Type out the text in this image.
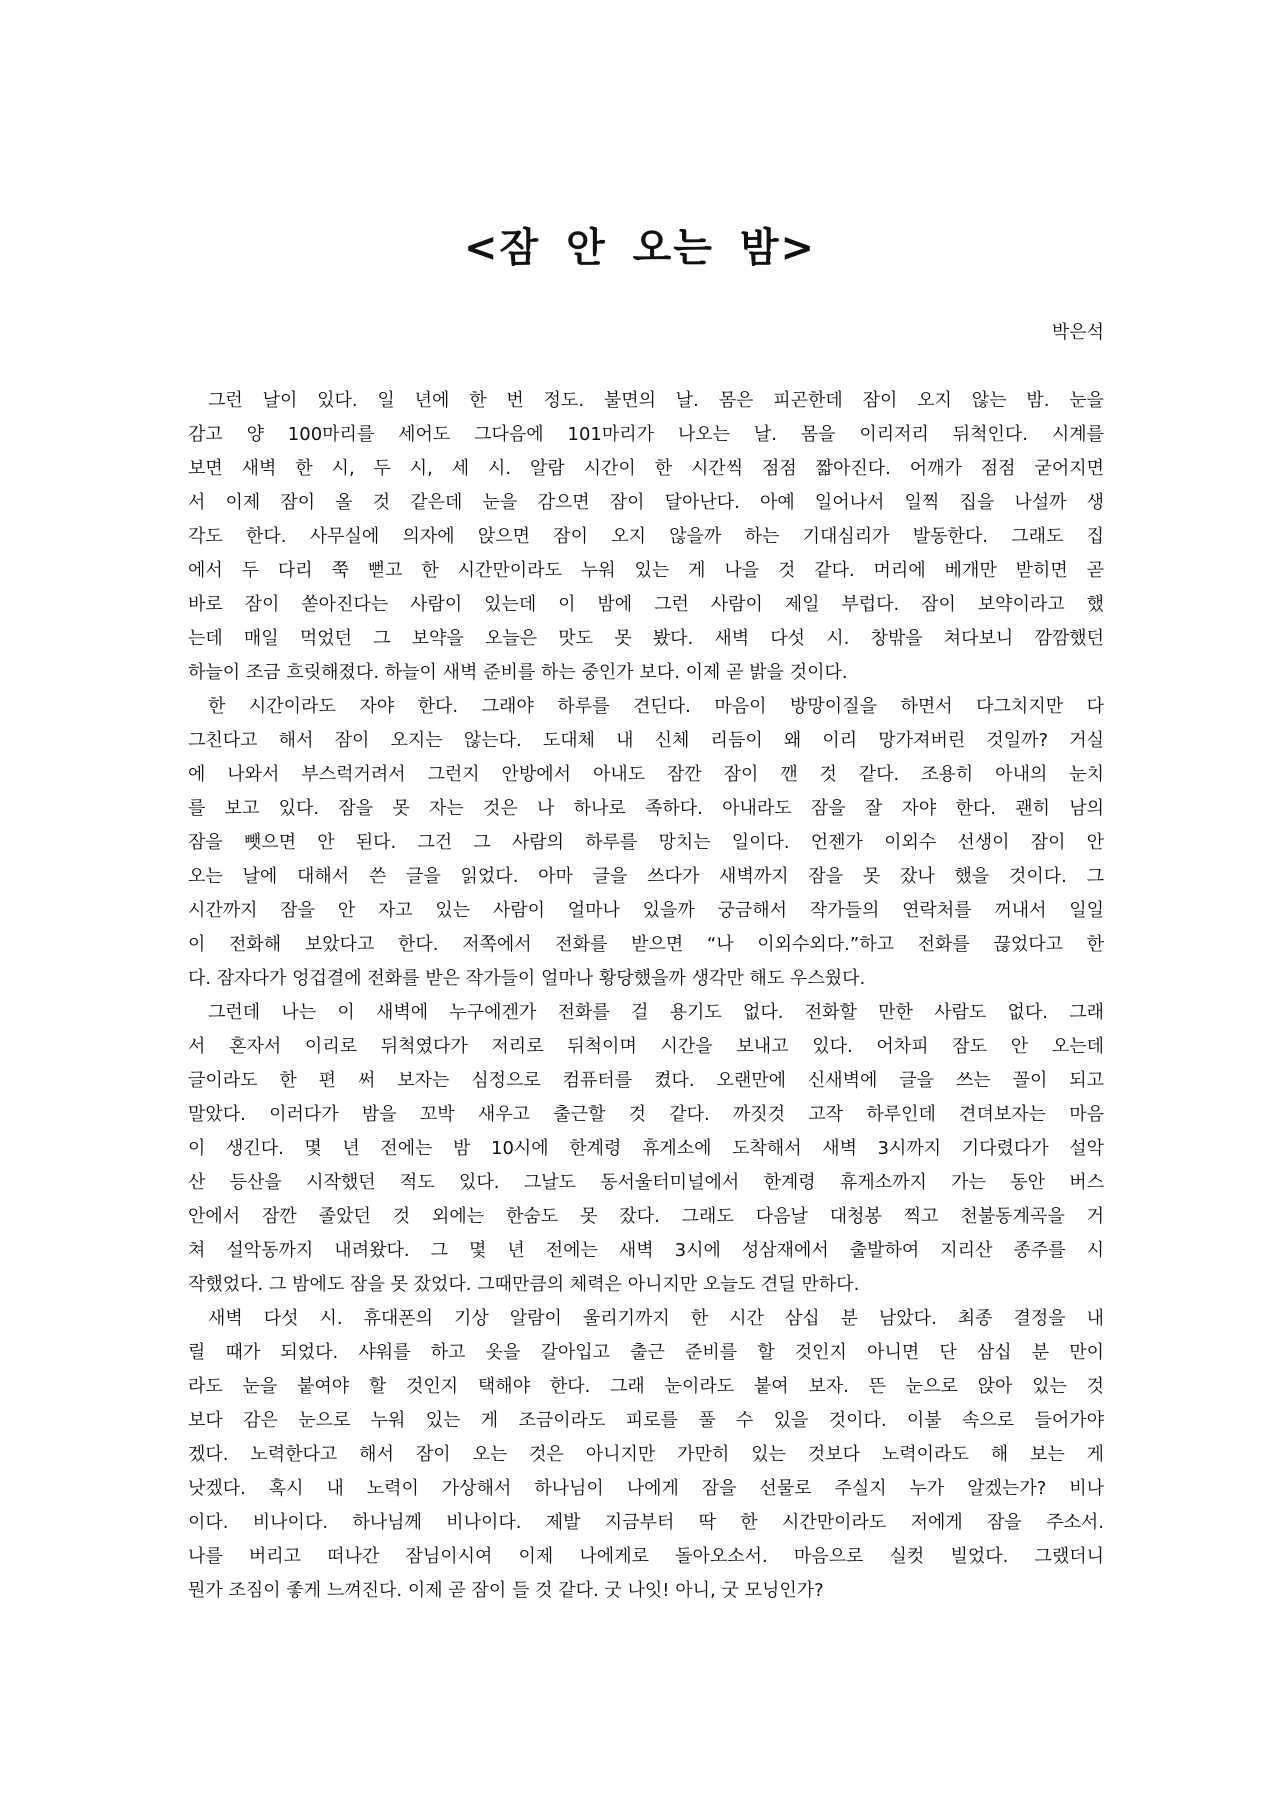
<잠 안 오는 밤>
박은석
그런 날이 있다. 일 년에 한 번 정도. 불면의 날. 몸은 피곤한데 잠이 오지 않는 밤. 눈을
감고 양 100마리를 세어도 그다음에 101마리가 나오는 날. 몸을 이리저리 뒤척인다. 시계를
보면 새벽 한 시, 두 시, 세 시. 알람 시간이 한 시간씩 점점 짧아진다. 어깨가 점점 굳어지면
서 이제 잠이 올 것 같은데 눈을 감으면 잠이 달아난다. 아예 일어나서 일찍 집을 나설까 생
각도 한다. 사무실에 의자에 앉으면 잠이 오지 않을까 하는 기대심리가 발동한다. 그래도 집
에서 두 다리 쭉 뻗고 한 시간만이라도 누워 있는 게 나을 것 같다. 머리에 베개만 받히면 곧
바로 잠이 쏟아진다는 사람이 있는데 이 밤에 그런 사람이 제일 부럽다. 잠이 보약이라고 했
는데 매일 먹었던 그 보약을 오늘은 맛도 못 봤다. 새벽 다섯 시. 창밖을 쳐다보니 깜깜했던
하늘이 조금 흐릿해졌다. 하늘이 새벽 준비를 하는 중인가 보다. 이제 곧 밝을 것이다.
한 시간이라도 자야 한다. 그래야 하루를 견딘다. 마음이 방망이질을 하면서 다그치지만 다
그친다고 해서 잠이 오지는 않는다. 도대체 내 신체 리듬이 왜 이리 망가져버린 것일까? 거실
에 나와서 부스럭거려서 그런지 안방에서 아내도 잠깐 잠이 깬 것 같다. 조용히 아내의 눈치
를 보고 있다. 잠을 못 자는 것은 나 하나로 족하다. 아내라도 잠을 잘 자야 한다. 괜히 남의
잠을 뺏으면 안 된다. 그건 그 사람의 하루를 망치는 일이다. 언젠가 이외수 선생이 잠이 안
오는 날에 대해서 쓴 글을 읽었다. 아마 글을 쓰다가 새벽까지 잠을 못 잤나 했을 것이다. 그
시간까지 잠을 안 자고 있는 사람이 얼마나 있을까 궁금해서 작가들의 연락처를 꺼내서 일일
이 전화해 보았다고 한다. 저쪽에서 전화를 받으면 “나 이외수외다.”하고 전화를 끊었다고 한
다. 잠자다가 엉겁결에 전화를 받은 작가들이 얼마나 황당했을까 생각만 해도 우스웠다.
그런데 나는 이 새벽에 누구에겐가 전화를 걸 용기도 없다. 전화할 만한 사람도 없다. 그래
서 혼자서 이리로 뒤척였다가 저리로 뒤척이며 시간을 보내고 있다. 어차피 잠도 안 오는데
글이라도 한 편 써 보자는 심정으로 컴퓨터를 켰다. 오랜만에 신새벽에 글을 쓰는 꼴이 되고
말았다. 이러다가 밤을 꼬박 새우고 출근할 것 같다. 까짓것 고작 하루인데 견뎌보자는 마음
이 생긴다. 몇 년 전에는 밤 10시에 한계령 휴게소에 도착해서 새벽 3시까지 기다렸다가 설악
산 등산을 시작했던 적도 있다. 그날도 동서울터미널에서 한계령 휴게소까지 가는 동안 버스
안에서 잠깐 졸았던 것 외에는 한숨도 못 잤다. 그래도 다음날 대청봉 찍고 천불동계곡을 거
쳐 설악동까지 내려왔다. 그 몇 년 전에는 새벽 3시에 성삼재에서 출발하여 지리산 종주를 시
작했었다. 그 밤에도 잠을 못 잤었다. 그때만큼의 체력은 아니지만 오늘도 견딜 만하다.
새벽 다섯 시. 휴대폰의 기상 알람이 울리기까지 한 시간 삼십 분 남았다. 최종 결정을 내
릴 때가 되었다. 샤워를 하고 옷을 갈아입고 출근 준비를 할 것인지 아니면 단 삼십 분 만이
라도 눈을 붙여야 할 것인지 택해야 한다. 그래 눈이라도 붙여 보자. 뜬 눈으로 앉아 있는 것
보다 감은 눈으로 누워 있는 게 조금이라도 피로를 풀 수 있을 것이다. 이불 속으로 들어가야
겠다. 노력한다고 해서 잠이 오는 것은 아니지만 가만히 있는 것보다 노력이라도 해 보는 게
낫겠다. 혹시 내 노력이 가상해서 하나님이 나에게 잠을 선물로 주실지 누가 알겠는가? 비나
이다. 비나이다. 하나님께 비나이다. 제발 지금부터 딱 한 시간만이라도 저에게 잠을 주소서.
나를 버리고 떠나간 잠님이시여 이제 나에게로 돌아오소서. 마음으로 실컷 빌었다. 그랬더니
뭔가 조짐이 좋게 느껴진다. 이제 곧 잠이 들 것 같다. 굿 나잇! 아니, 굿 모닝인가?
